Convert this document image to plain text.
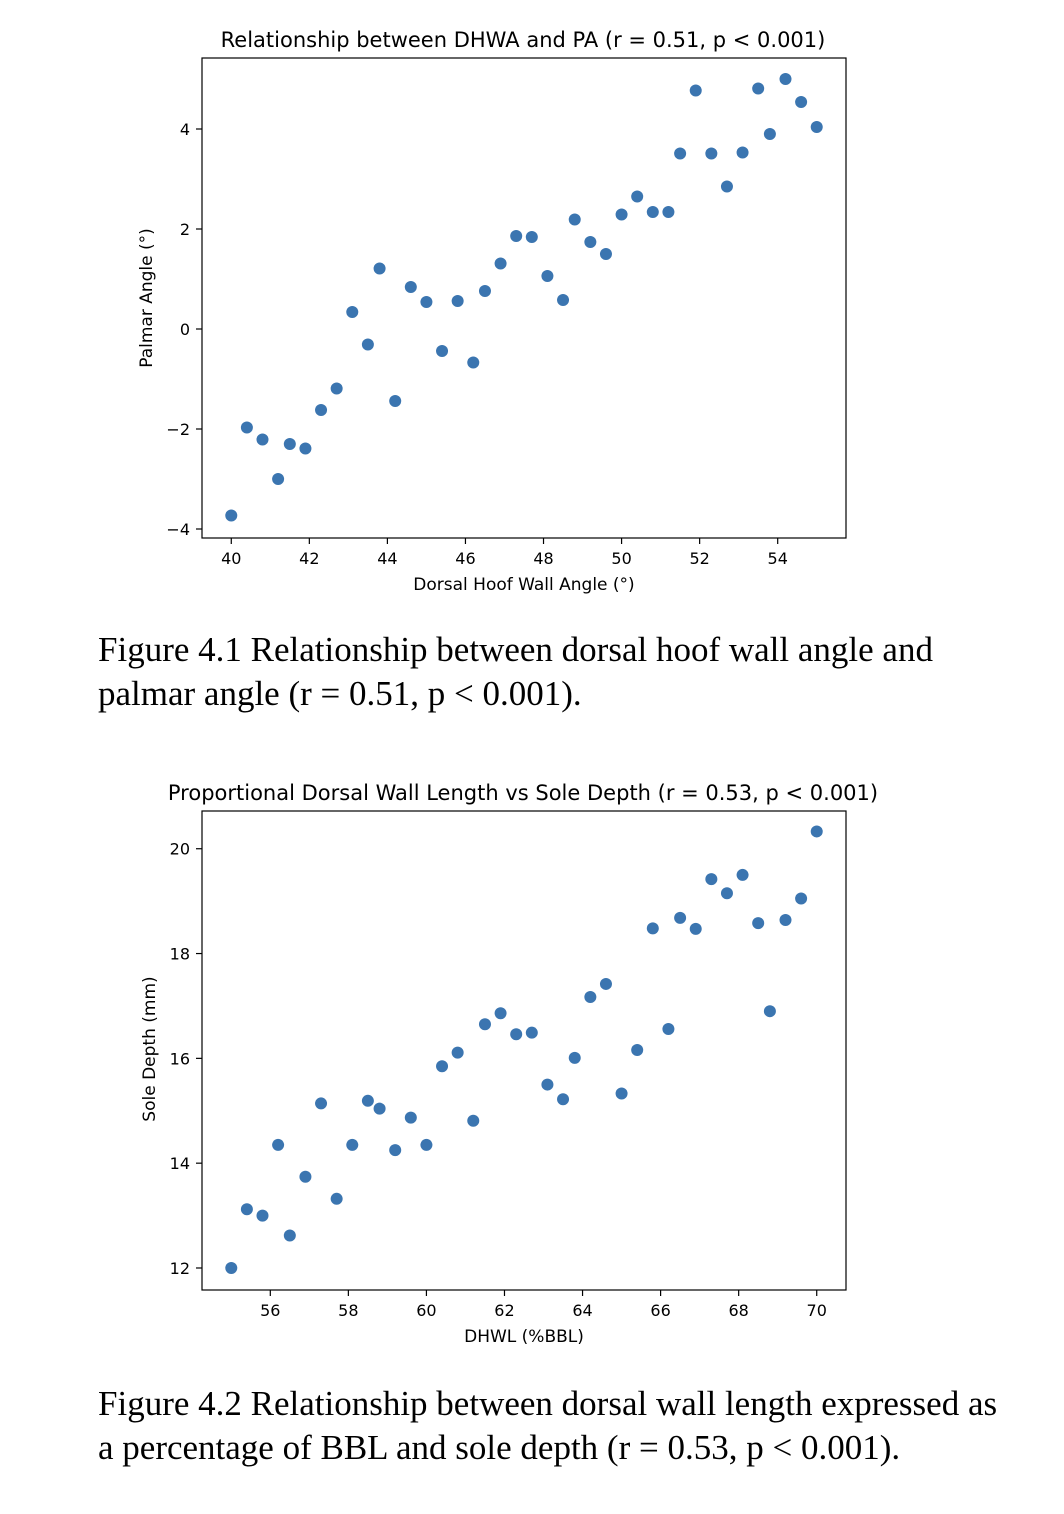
Relationship between DHWA and PA (r = 0.51, p < 0.001)
40	42	44	46	48	50	52	54
−4
−2
0
2
4
Dorsal Hoof Wall Angle (°)
Palmar Angle (°)
Figure 4.1 Relationship between dorsal hoof wall angle and palmar angle (r = 0.51, p < 0.001).
Proportional Dorsal Wall Length vs Sole Depth (r = 0.53, p < 0.001)
56	58	60	62	64	66	68	70
12
14
16
18
20
DHWL (%BBL)
Sole Depth (mm)
Figure 4.2 Relationship between dorsal wall length expressed as a percentage of BBL and sole depth (r = 0.53, p < 0.001).
